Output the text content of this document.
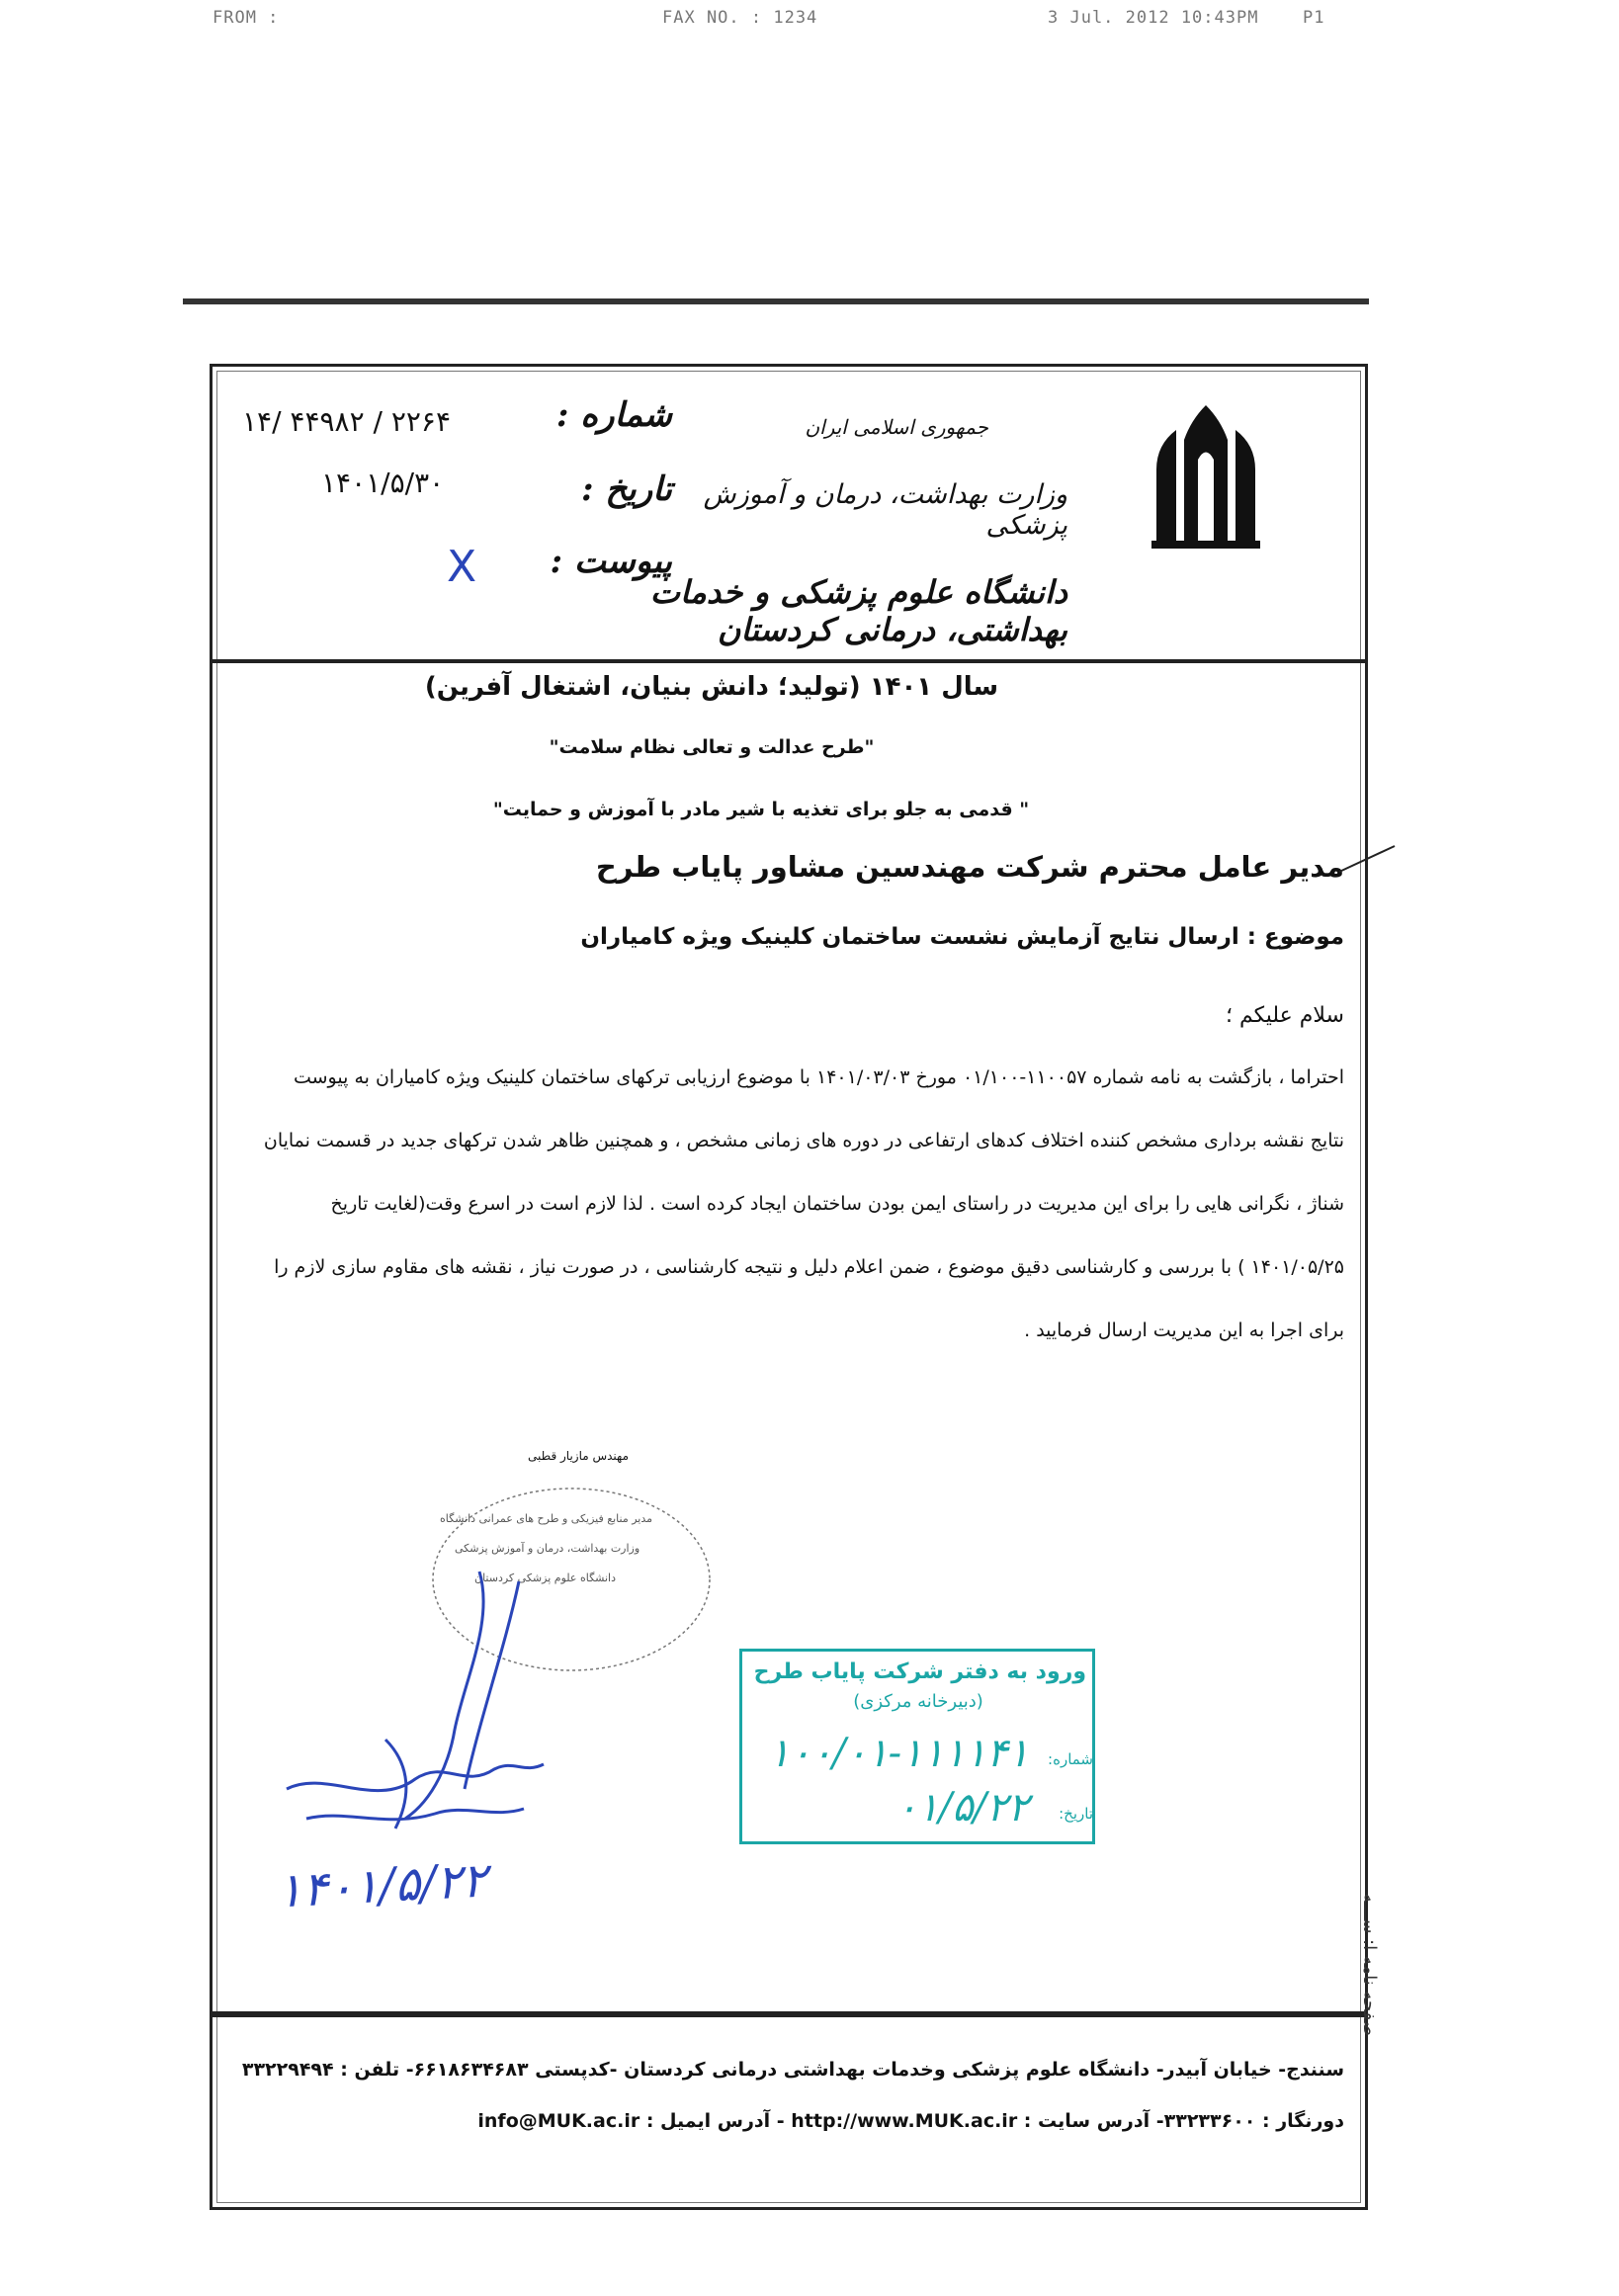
FROM :	FAX NO. : 1234	3 Jul. 2012 10:43PM	P1
جمهوری اسلامی ایران
وزارت بهداشت، درمان و آموزش پزشکی
دانشگاه علوم پزشکی و خدمات بهداشتی، درمانی کردستان
شماره :
۱۴/ ۴۴۹۸۲ / ۲۲۶۴
تاریخ :
۱۴۰۱/۵/۳۰
پیوست :
X
سال ۱۴۰۱ (تولید؛ دانش بنیان، اشتغال آفرین)
"طرح عدالت و تعالی نظام سلامت"
" قدمی به جلو برای تغذیه با شیر مادر با آموزش و حمایت"
مدیر عامل محترم شرکت مهندسین مشاور پایاب طرح
موضوع : ارسال نتایج آزمایش نشست ساختمان کلینیک ویژه کامیاران
سلام علیکم ؛
احتراما ، بازگشت به نامه شماره ۱۱۰۰۵۷-۰۱/۱۰۰ مورخ ۱۴۰۱/۰۳/۰۳ با موضوع ارزیابی ترکهای ساختمان کلینیک ویژه کامیاران به پیوست نتایج نقشه برداری مشخص کننده اختلاف کدهای ارتفاعی در دوره های زمانی مشخص ، و همچنین ظاهر شدن ترکهای جدید در قسمت نمایان شناژ ، نگرانی هایی را برای این مدیریت در راستای ایمن بودن ساختمان ایجاد کرده است . لذا لازم است در اسرع وقت(لغایت تاریخ ۱۴۰۱/۰۵/۲۵ ) با بررسی و کارشناسی دقیق موضوع ، ضمن اعلام دلیل و نتیجه کارشناسی ، در صورت نیاز ، نقشه های مقاوم سازی لازم را برای اجرا به این مدیریت ارسال فرمایید .
مهندس مازیار قطبی
مدیر منابع فیزیکی و طرح های عمرانی دانشگاه
وزارت بهداشت، درمان و آموزش پزشکی
دانشگاه علوم پزشکی کردستان
۱۴۰۱/۵/۲۲
ورود به دفتر شرکت پایاب طرح
(دبیرخانه مرکزی)
شماره:
۱۰۰/۰۱-۱۱۱۱۴۱
تاریخ:
۰۱/۵/۲۲
صفحه نامه ا: ســـه
سنندج- خیابان آبیدر- دانشگاه علوم پزشکی وخدمات بهداشتی درمانی کردستان -کدپستی ۶۶۱۸۶۳۴۶۸۳- تلفن : ۳۳۲۲۹۴۹۴
دورنگار : ۳۳۲۳۳۶۰۰- آدرس سایت : http://www.MUK.ac.ir - آدرس ایمیل : info@MUK.ac.ir
